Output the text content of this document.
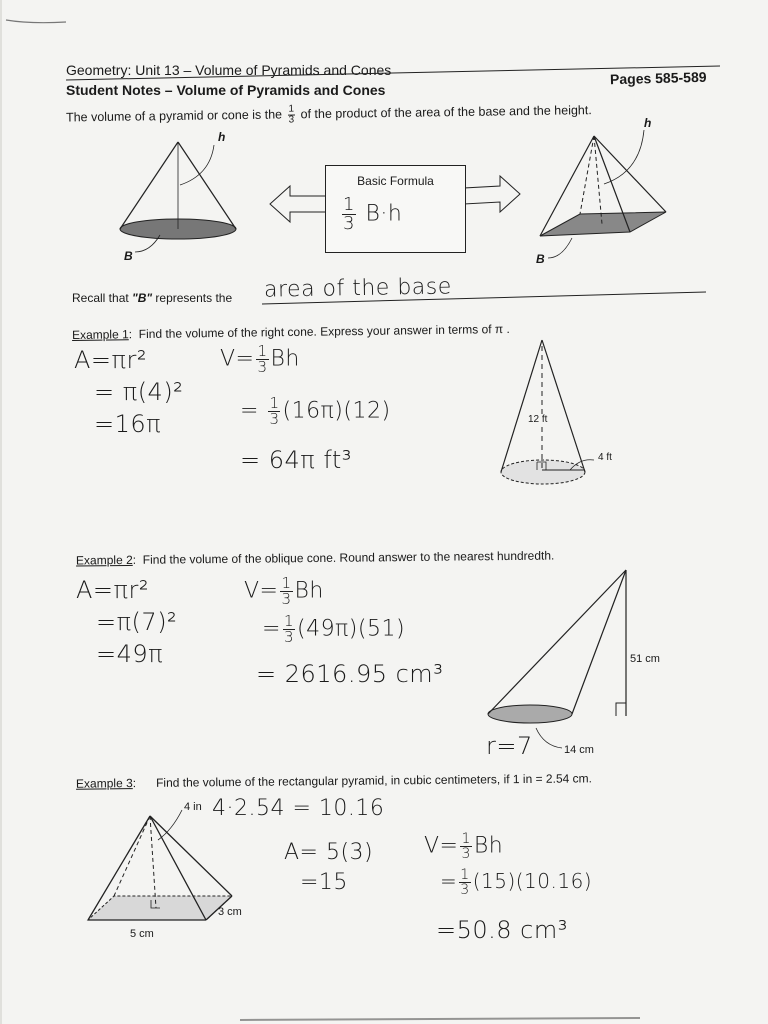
Geometry: Unit 13 – Volume of Pyramids and Cones
Student Notes – Volume of Pyramids and Cones
Pages 585-589
The volume of a pyramid or cone is the $\frac{1}{3}$ of the product of the area of the base and the height.
h
B
Basic Formula
$\frac{1}{3} B\cdot h$
h
B
Recall that "B" represents the area of the base
Example 1:  Find the volume of the right cone. Express your answer in terms of π .
A=πr²
= π(4)²
=16π
$V= \frac{1}{3}$ Bh
= $\frac{1}{3} (16\pi)(12)$
= 64π ft³
12 ft
4 ft
Example 2:  Find the volume of the oblique cone. Round answer to the nearest hundredth.
A=πr²
=π(7)²
=49π
$V= \frac{1}{3}$ Bh
= $\frac{1}{3} (49\pi)(51)$
= 2616.95 cm³
51 cm
14 cm
r=7
Example 3:      Find the volume of the rectangular pyramid, in cubic centimeters, if 1 in = 2.54 cm.
4 in
3 cm
5 cm
4·2.54 = 10.16
A= 5(3)
=15
$V= \frac{1}{3}$ Bh
= $\frac{1}{3} (15)(10.16)$
=50.8 cm³
